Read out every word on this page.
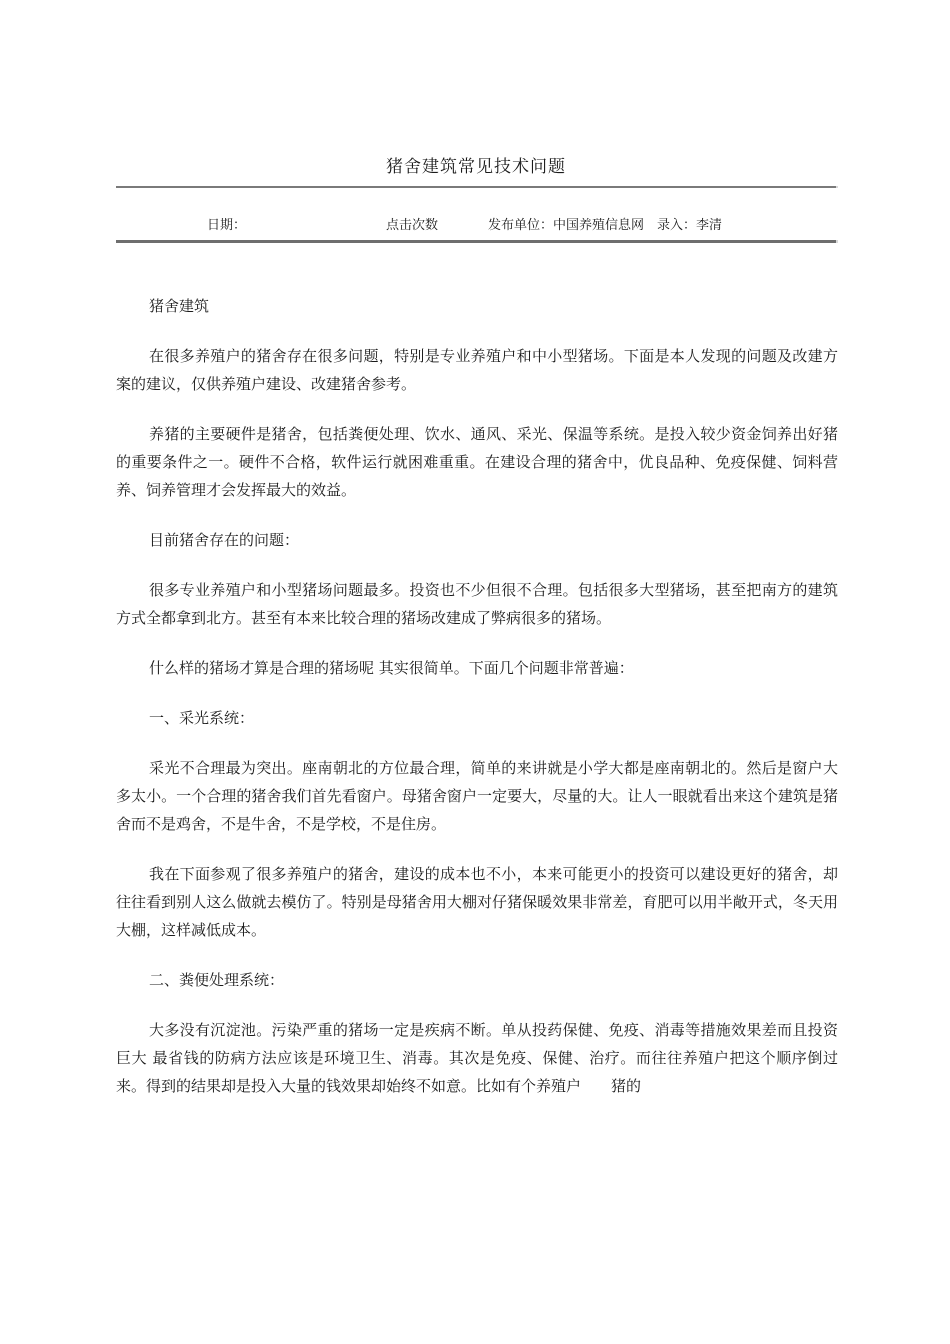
猪舍建筑常见技术问题
日期：	点击次数	发布单位：中国养殖信息网　录入：李清

猪舍建筑

在很多养殖户的猪舍存在很多问题，特别是专业养殖户和中小型猪场。下面是本人发现的问题及改建方案的建议，仅供养殖户建设、改建猪舍参考。

养猪的主要硬件是猪舍，包括粪便处理、饮水、通风、采光、保温等系统。是投入较少资金饲养出好猪的重要条件之一。硬件不合格，软件运行就困难重重。在建设合理的猪舍中，优良品种、免疫保健、饲料营养、饲养管理才会发挥最大的效益。

目前猪舍存在的问题：

很多专业养殖户和小型猪场问题最多。投资也不少但很不合理。包括很多大型猪场，甚至把南方的建筑方式全都拿到北方。甚至有本来比较合理的猪场改建成了弊病很多的猪场。

什么样的猪场才算是合理的猪场呢 其实很简单。下面几个问题非常普遍：

一、采光系统：

采光不合理最为突出。座南朝北的方位最合理，简单的来讲就是小学大都是座南朝北的。然后是窗户大多太小。一个合理的猪舍我们首先看窗户。母猪舍窗户一定要大，尽量的大。让人一眼就看出来这个建筑是猪舍而不是鸡舍，不是牛舍，不是学校，不是住房。

我在下面参观了很多养殖户的猪舍，建设的成本也不小，本来可能更小的投资可以建设更好的猪舍，却往往看到别人这么做就去模仿了。特别是母猪舍用大棚对仔猪保暖效果非常差，育肥可以用半敞开式，冬天用大棚，这样减低成本。

二、粪便处理系统：

大多没有沉淀池。污染严重的猪场一定是疾病不断。单从投药保健、免疫、消毒等措施效果差而且投资巨大 最省钱的防病方法应该是环境卫生、消毒。其次是免疫、保健、治疗。而往往养殖户把这个顺序倒过来。得到的结果却是投入大量的钱效果却始终不如意。比如有个养殖户　　猪的
